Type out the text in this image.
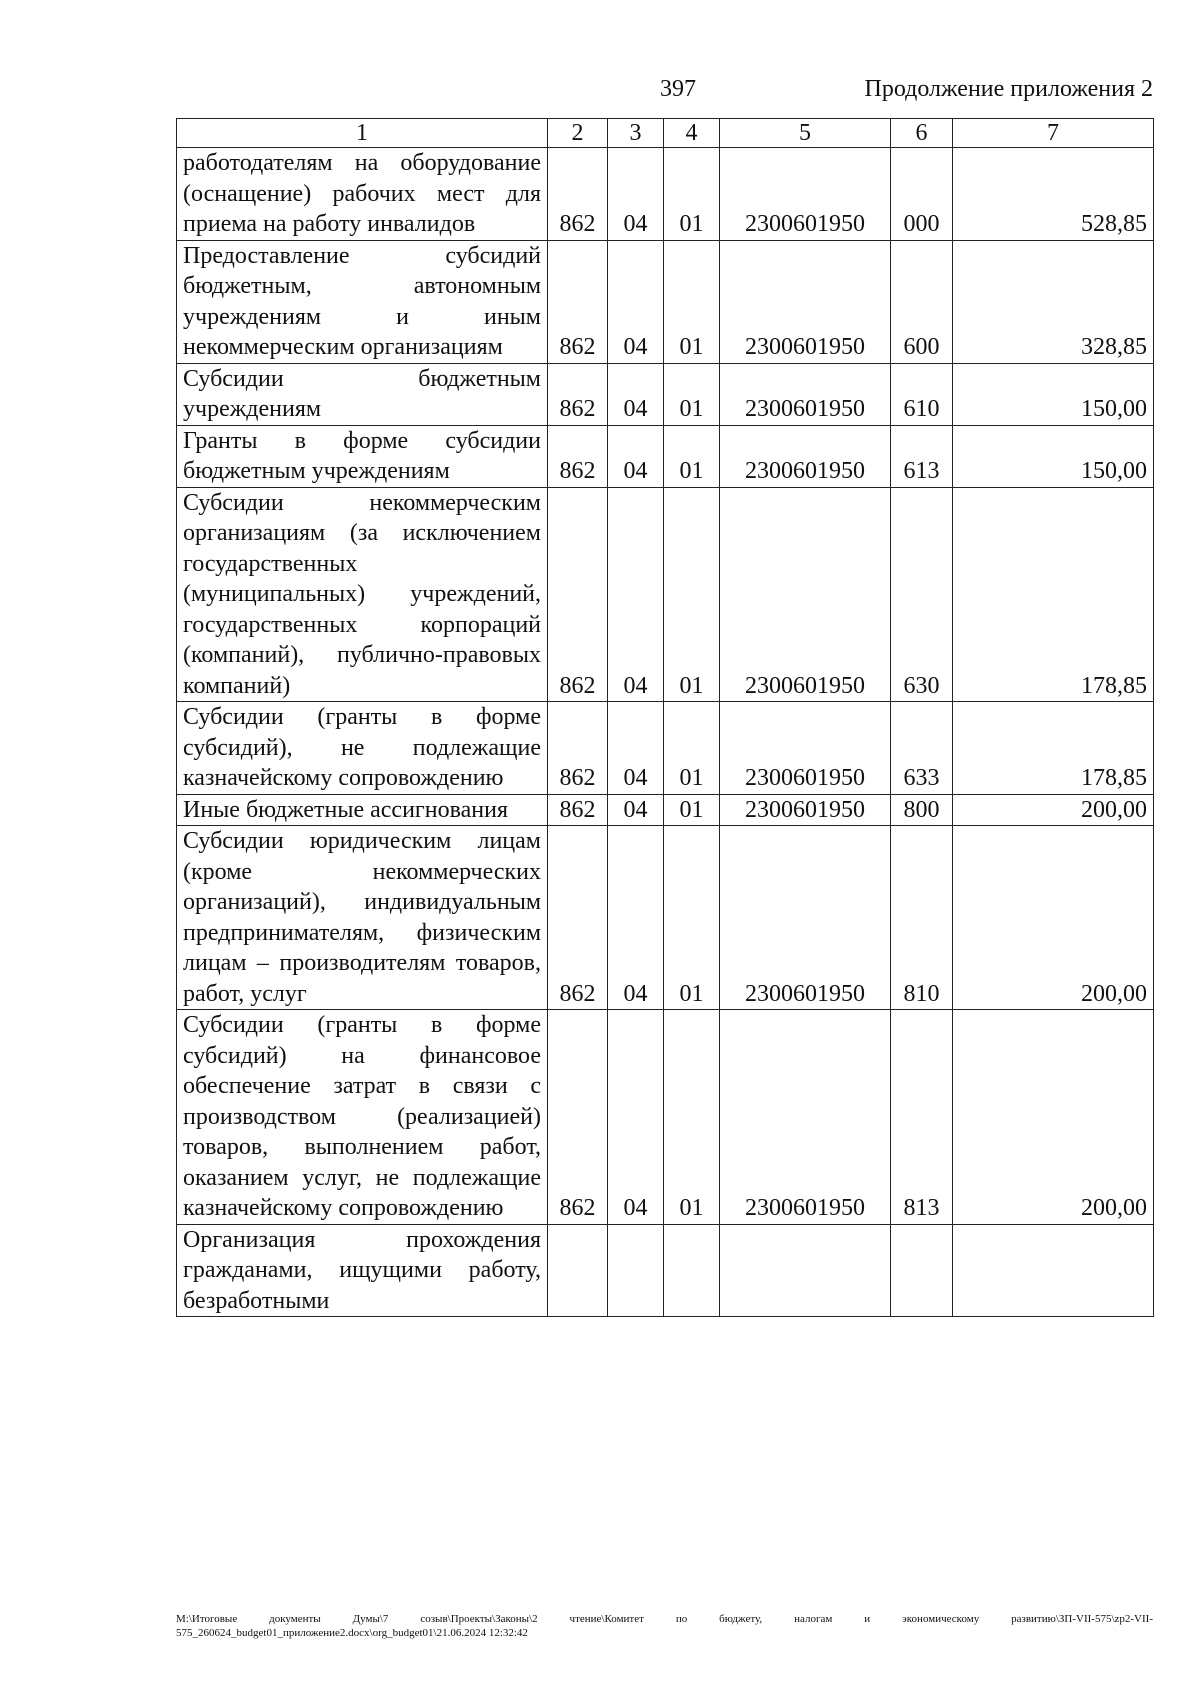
397	Продолжение приложения 2
1	2	3	4	5	6	7
работодателям на оборудование (оснащение) рабочих мест для приема на работу инвалидов	862	04	01	2300601950	000	528,85
Предоставление субсидий бюджетным, автономным учреждениям и иным некоммерческим организациям	862	04	01	2300601950	600	328,85
Субсидии бюджетным учреждениям	862	04	01	2300601950	610	150,00
Гранты в форме субсидии бюджетным учреждениям	862	04	01	2300601950	613	150,00
Субсидии некоммерческим организациям (за исключением государственных (муниципальных) учреждений, государственных корпораций (компаний), публично-правовых компаний)	862	04	01	2300601950	630	178,85
Субсидии (гранты в форме субсидий), не подлежащие казначейскому сопровождению	862	04	01	2300601950	633	178,85
Иные бюджетные ассигнования	862	04	01	2300601950	800	200,00
Субсидии юридическим лицам (кроме некоммерческих организаций), индивидуальным предпринимателям, физическим лицам – производителям товаров, работ, услуг	862	04	01	2300601950	810	200,00
Субсидии (гранты в форме субсидий) на финансовое обеспечение затрат в связи с производством (реализацией) товаров, выполнением работ, оказанием услуг, не подлежащие казначейскому сопровождению	862	04	01	2300601950	813	200,00
Организация прохождения гражданами, ищущими работу, безработными						
M:\Итоговые документы Думы\7 созыв\Проекты\Законы\2 чтение\Комитет по бюджету, налогам и экономическому развитию\ЗП-VII-575\zp2-VII-575_260624_budget01_приложение2.docx\org_budget01\21.06.2024 12:32:42
